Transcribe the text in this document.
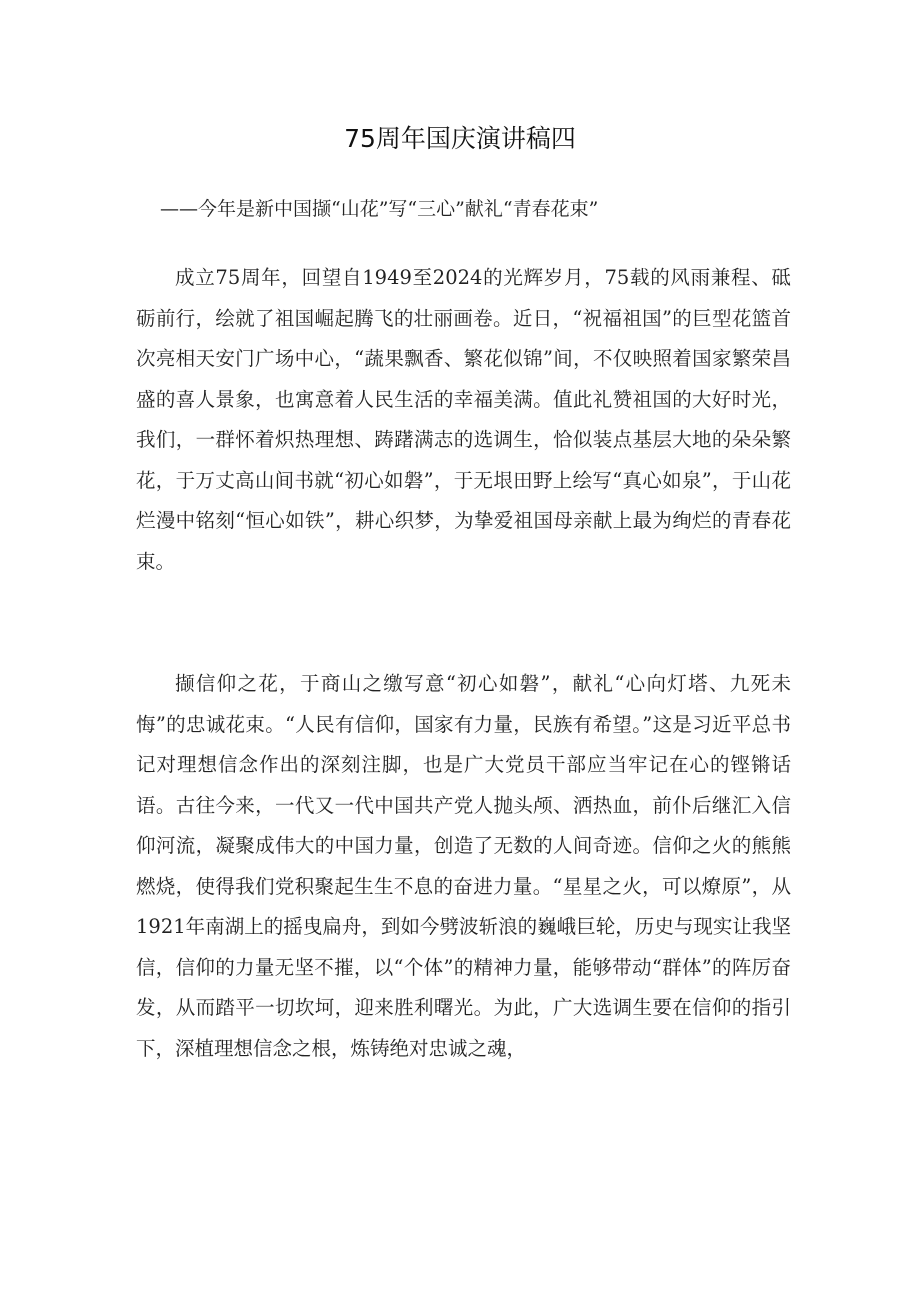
75周年国庆演讲稿四
——今年是新中国撷“山花”写“三心”献礼“青春花束”

成立75周年，回望自1949至2024的光辉岁月，75载的风雨兼程、砥砺前行，绘就了祖国崛起腾飞的壮丽画卷。近日，“祝福祖国”的巨型花篮首次亮相天安门广场中心，“蔬果飘香、繁花似锦”间，不仅映照着国家繁荣昌盛的喜人景象，也寓意着人民生活的幸福美满。值此礼赞祖国的大好时光，我们，一群怀着炽热理想、踌躇满志的选调生，恰似装点基层大地的朵朵繁花，于万丈高山间书就“初心如磐”，于无垠田野上绘写“真心如泉”，于山花烂漫中铭刻“恒心如铁”，耕心织梦，为挚爱祖国母亲献上最为绚烂的青春花束。

撷信仰之花，于商山之缴写意“初心如磐”，献礼“心向灯塔、九死未悔”的忠诚花束。“人民有信仰，国家有力量，民族有希望。”这是习近平总书记对理想信念作出的深刻注脚，也是广大党员干部应当牢记在心的铿锵话语。古往今来，一代又一代中国共产党人抛头颅、洒热血，前仆后继汇入信仰河流，凝聚成伟大的中国力量，创造了无数的人间奇迹。信仰之火的熊熊燃烧，使得我们党积聚起生生不息的奋进力量。“星星之火，可以燎原”，从1921年南湖上的摇曳扁舟，到如今劈波斩浪的巍峨巨轮，历史与现实让我坚信，信仰的力量无坚不摧，以“个体”的精神力量，能够带动“群体”的阵厉奋发，从而踏平一切坎坷，迎来胜利曙光。为此，广大选调生要在信仰的指引下，深植理想信念之根，炼铸绝对忠诚之魂，
